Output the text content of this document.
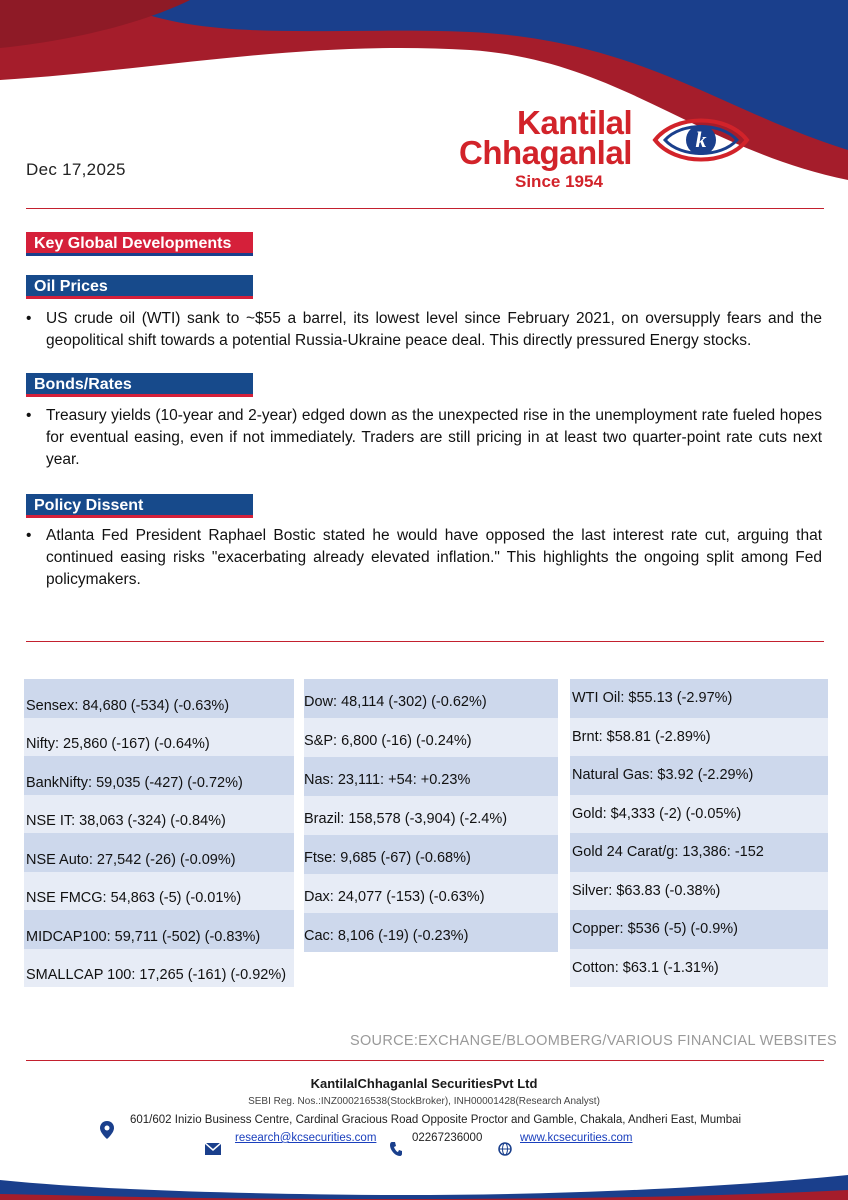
Dec 17,2025
Kantilal
Chhaganlal
Since 1954
k
Key Global Developments
Oil Prices
• US crude oil (WTI) sank to ~$55 a barrel, its lowest level since February 2021, on oversupply fears and the geopolitical shift towards a potential Russia-Ukraine peace deal. This directly pressured Energy stocks.
Bonds/Rates
• Treasury yields (10-year and 2-year) edged down as the unexpected rise in the unemployment rate fueled hopes for eventual easing, even if not immediately. Traders are still pricing in at least two quarter-point rate cuts next year.
Policy Dissent
• Atlanta Fed President Raphael Bostic stated he would have opposed the last interest rate cut, arguing that continued easing risks "exacerbating already elevated inflation." This highlights the ongoing split among Fed policymakers.
Sensex: 84,680 (-534) (-0.63%)
Nifty: 25,860 (-167) (-0.64%)
BankNifty: 59,035 (-427) (-0.72%)
NSE IT: 38,063 (-324) (-0.84%)
NSE Auto: 27,542 (-26) (-0.09%)
NSE FMCG: 54,863 (-5) (-0.01%)
MIDCAP100: 59,711 (-502) (-0.83%)
SMALLCAP 100: 17,265 (-161) (-0.92%)
Dow: 48,114 (-302) (-0.62%)
S&P: 6,800 (-16) (-0.24%)
Nas: 23,111: +54: +0.23%
Brazil: 158,578 (-3,904) (-2.4%)
Ftse: 9,685 (-67) (-0.68%)
Dax: 24,077 (-153) (-0.63%)
Cac: 8,106 (-19) (-0.23%)
WTI Oil: $55.13 (-2.97%)
Brnt: $58.81 (-2.89%)
Natural Gas: $3.92 (-2.29%)
Gold: $4,333 (-2) (-0.05%)
Gold 24 Carat/g: 13,386: -152
Silver: $63.83 (-0.38%)
Copper: $536 (-5) (-0.9%)
Cotton: $63.1 (-1.31%)
SOURCE:EXCHANGE/BLOOMBERG/VARIOUS FINANCIAL WEBSITES
KantilalChhaganlal SecuritiesPvt Ltd
SEBI Reg. Nos.:INZ000216538(StockBroker), INH00001428(Research Analyst)
601/602 Inizio Business Centre, Cardinal Gracious Road Opposite Proctor and Gamble, Chakala, Andheri East, Mumbai
research@kcsecurities.com	02267236000	www.kcsecurities.com
